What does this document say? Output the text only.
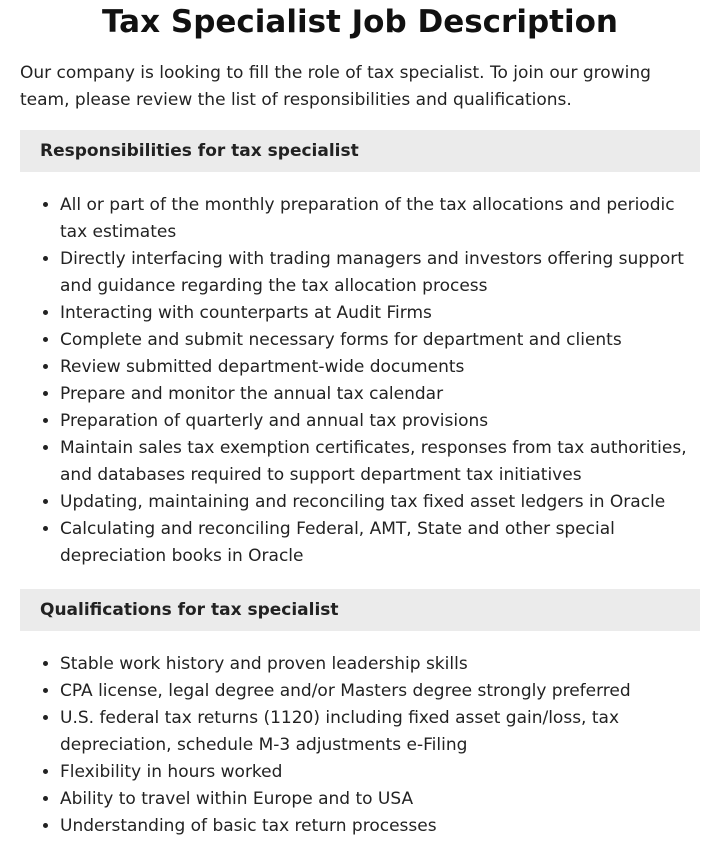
Tax Specialist Job Description

Our company is looking to fill the role of tax specialist. To join our growing team, please review the list of responsibilities and qualifications.

Responsibilities for tax specialist
• All or part of the monthly preparation of the tax allocations and periodic tax estimates
• Directly interfacing with trading managers and investors offering support and guidance regarding the tax allocation process
• Interacting with counterparts at Audit Firms
• Complete and submit necessary forms for department and clients
• Review submitted department-wide documents
• Prepare and monitor the annual tax calendar
• Preparation of quarterly and annual tax provisions
• Maintain sales tax exemption certificates, responses from tax authorities, and databases required to support department tax initiatives
• Updating, maintaining and reconciling tax fixed asset ledgers in Oracle
• Calculating and reconciling Federal, AMT, State and other special depreciation books in Oracle
Qualifications for tax specialist
• Stable work history and proven leadership skills
• CPA license, legal degree and/or Masters degree strongly preferred
• U.S. federal tax returns (1120) including fixed asset gain/loss, tax depreciation, schedule M-3 adjustments e-Filing
• Flexibility in hours worked
• Ability to travel within Europe and to USA
• Understanding of basic tax return processes
